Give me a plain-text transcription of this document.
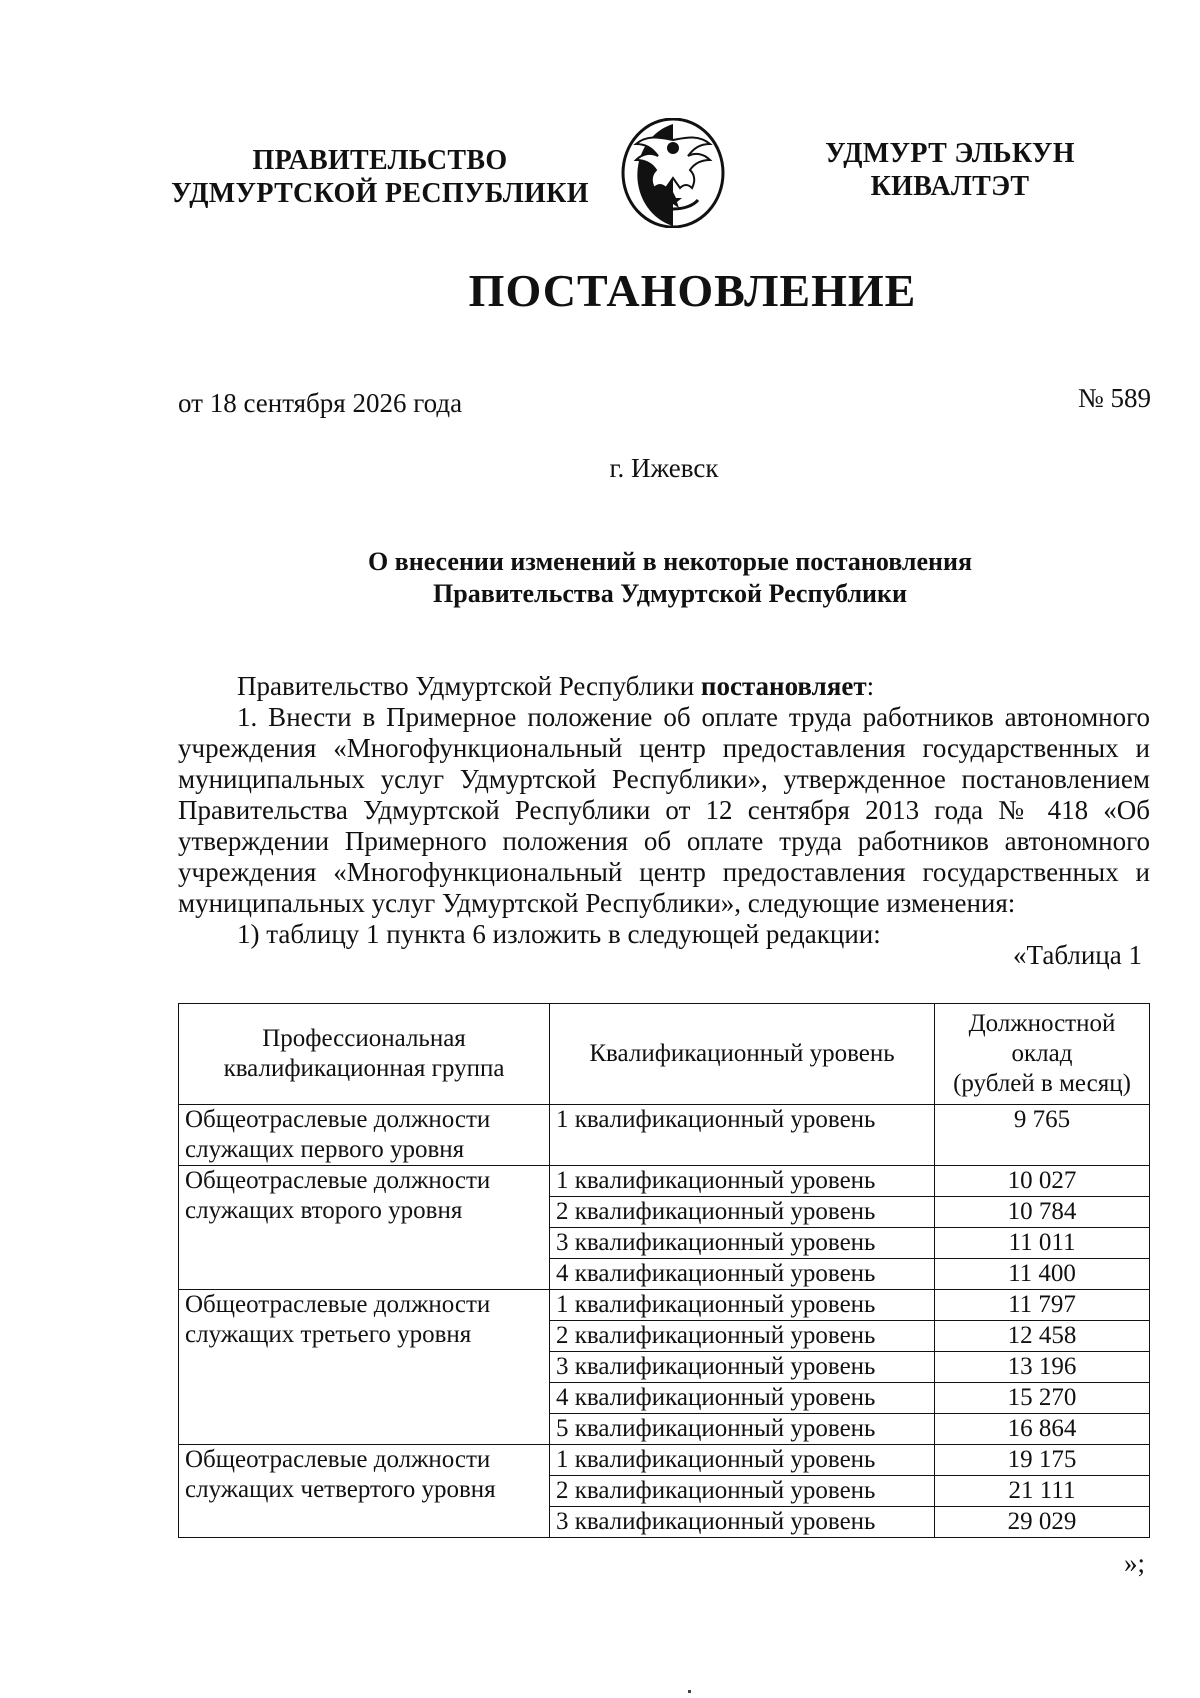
ПРАВИТЕЛЬСТВО
УДМУРТСКОЙ РЕСПУБЛИКИ
УДМУРТ ЭЛЬКУН
КИВАЛТЭТ
ПОСТАНОВЛЕНИЕ
от 18 сентября 2026 года	№ 589
г. Ижевск
О внесении изменений в некоторые постановления
Правительства Удмуртской Республики

Правительство Удмуртской Республики постановляет:

1. Внести в Примерное положение об оплате труда работников автономного учреждения «Многофункциональный центр предоставления государственных и муниципальных услуг Удмуртской Республики», утвержденное постановлением Правительства Удмуртской Республики от 12 сентября 2013 года № 418 «Об утверждении Примерного положения об оплате труда работников автономного учреждения «Многофункциональный центр предоставления государственных и муниципальных услуг Удмуртской Республики», следующие изменения:

1) таблицу 1 пункта 6 изложить в следующей редакции:

«Таблица 1
Профессиональная квалификационная группа	Квалификационный уровень	Должностной
оклад
(рублей в месяц)

Общеотраслевые должности служащих первого уровня	1 квалификационный уровень	9 765
Общеотраслевые должности служащих второго уровня	1 квалификационный уровень	10 027
	2 квалификационный уровень	10 784
	3 квалификационный уровень	11 011
	4 квалификационный уровень	11 400
Общеотраслевые должности служащих третьего уровня	1 квалификационный уровень	11 797
	2 квалификационный уровень	12 458
	3 квалификационный уровень	13 196
	4 квалификационный уровень	15 270
	5 квалификационный уровень	16 864
Общеотраслевые должности служащих четвертого уровня	1 квалификационный уровень	19 175
	2 квалификационный уровень	21 111
	3 квалификационный уровень	29 029
»;
